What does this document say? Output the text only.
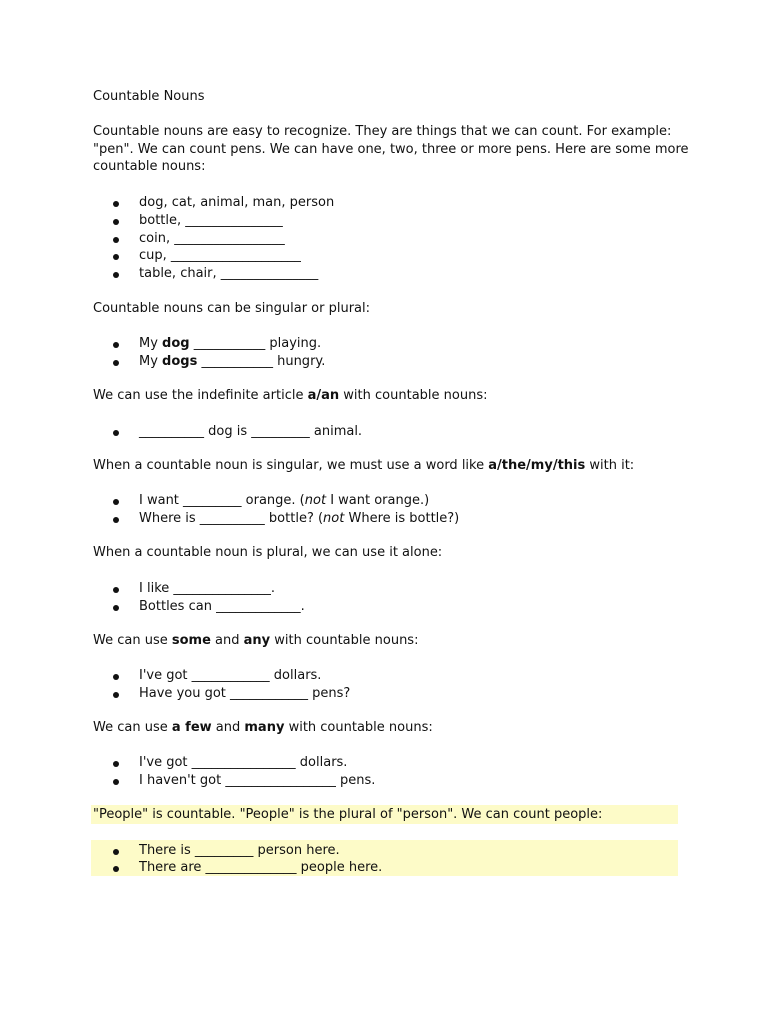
Countable Nouns

Countable nouns are easy to recognize. They are things that we can count. For example:

"pen". We can count pens. We can have one, two, three or more pens. Here are some more

countable nouns:

dog, cat, animal, man, person

bottle, _______________

coin, _________________

cup, ____________________

table, chair, _______________

Countable nouns can be singular or plural:

My dog ___________ playing.

My dogs ___________ hungry.

We can use the indefinite article a/an with countable nouns:

__________ dog is _________ animal.

When a countable noun is singular, we must use a word like a/the/my/this with it:

I want _________ orange. (not I want orange.)

Where is __________ bottle? (not Where is bottle?)

When a countable noun is plural, we can use it alone:

I like _______________.

Bottles can _____________.

We can use some and any with countable nouns:

I've got ____________ dollars.

Have you got ____________ pens?

We can use a few and many with countable nouns:

I've got ________________ dollars.

I haven't got _________________ pens.

"People" is countable. "People" is the plural of "person". We can count people:

There is _________ person here.

There are ______________ people here.
